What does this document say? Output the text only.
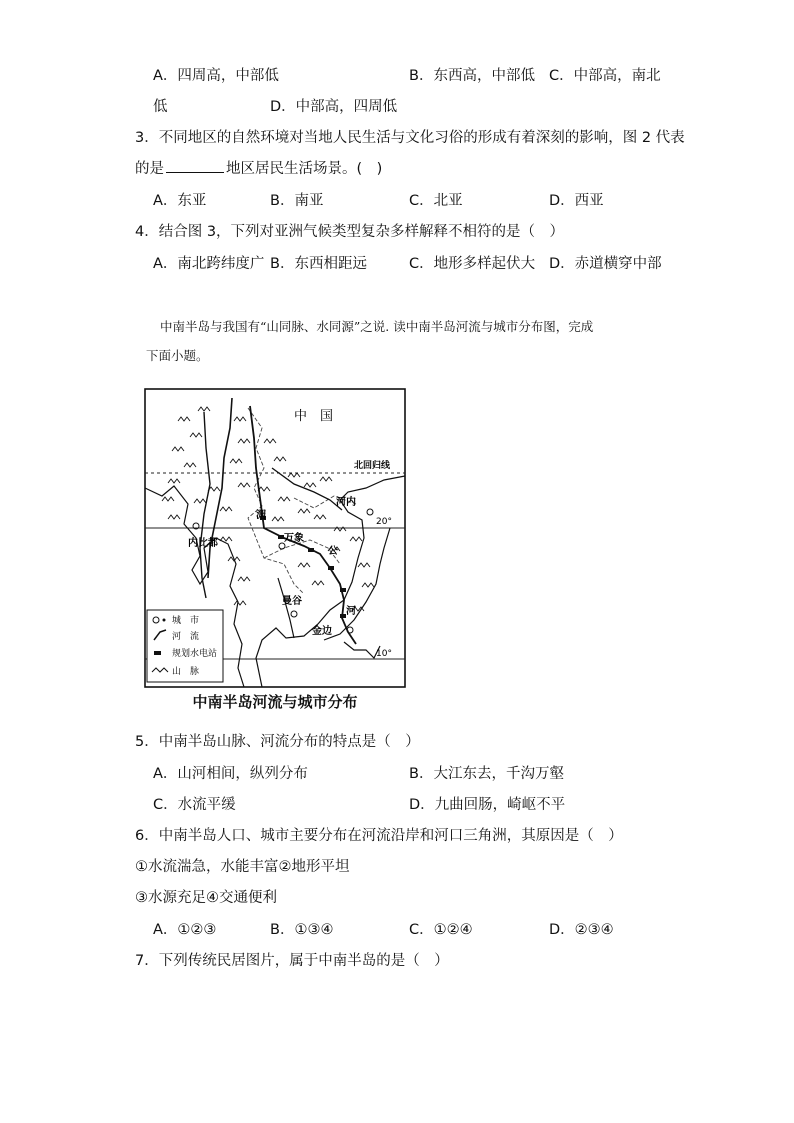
A．四周高，中部低	B．东西高，中部低 C．中部高，南北
低	D．中部高，四周低
3．不同地区的自然环境对当地人民生活与文化习俗的形成有着深刻的影响，图 2 代表
的是	地区居民生活场景。(　)
A．东亚	B．南亚	C．北亚	D．西亚
4．结合图 3，下列对亚洲气候类型复杂多样解释不相符的是（　）
A．南北跨纬度广 B．东西相距远	C．地形多样起伏大 D．赤道横穿中部
中南半岛与我国有“山同脉、水同源”之说. 读中南半岛河流与城市分布图，完成
下面小题。
中　国
北回归线
20°
10°
河内
内比都	万象
曼谷
金边
湄
公
河
城　市
河　流
规划水电站
山　脉
中南半岛河流与城市分布
5．中南半岛山脉、河流分布的特点是（　）
A．山河相间，纵列分布	B．大江东去，千沟万壑
C．水流平缓	D．九曲回肠，崎岖不平
6．中南半岛人口、城市主要分布在河流沿岸和河口三角洲，其原因是（　）
①水流湍急，水能丰富②地形平坦
③水源充足④交通便利
A．①②③	B．①③④	C．①②④	D．②③④
7．下列传统民居图片，属于中南半岛的是（　）
